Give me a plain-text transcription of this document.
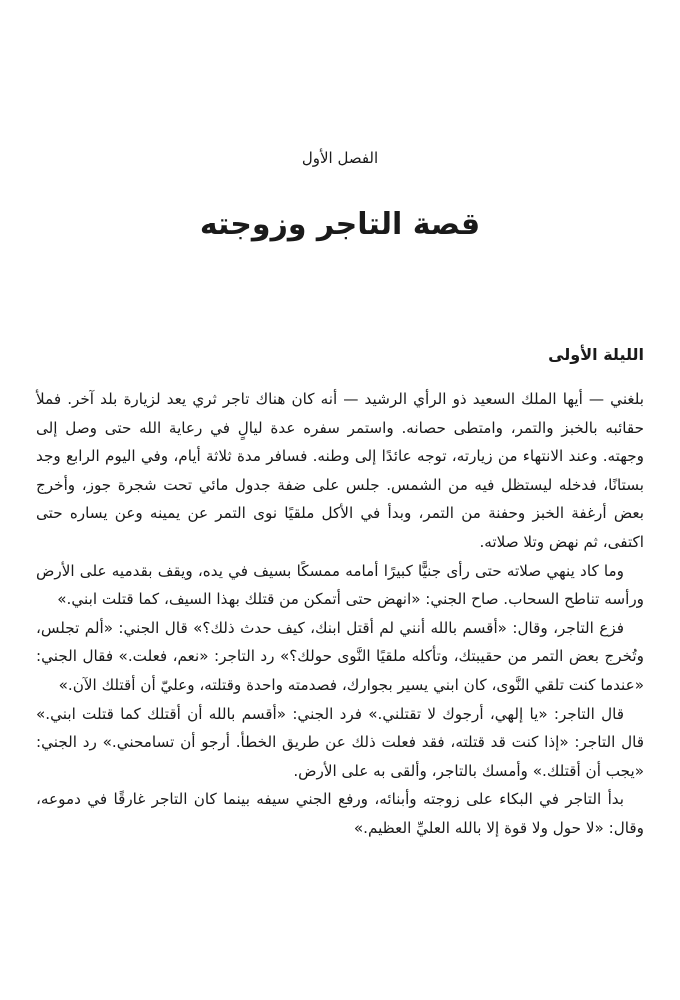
الفصل الأول
قصة التاجر وزوجته
الليلة الأولى

بلغني — أيها الملك السعيد ذو الرأي الرشيد — أنه كان هناك تاجر ثري يعد لزيارة بلد آخر. فملأ حقائبه بالخبز والتمر، وامتطى حصانه. واستمر سفره عدة ليالٍ في رعاية الله حتى وصل إلى وجهته. وعند الانتهاء من زيارته، توجه عائدًا إلى وطنه. فسافر مدة ثلاثة أيام، وفي اليوم الرابع وجد بستانًا، فدخله ليستظل فيه من الشمس. جلس على ضفة جدول مائي تحت شجرة جوز، وأخرج بعض أرغفة الخبز وحفنة من التمر، وبدأ في الأكل ملقيًا نوى التمر عن يمينه وعن يساره حتى اكتفى، ثم نهض وتلا صلاته.

وما كاد ينهي صلاته حتى رأى جنيًّا كبيرًا أمامه ممسكًا بسيف في يده، ويقف بقدميه على الأرض ورأسه تناطح السحاب. صاح الجني: «انهض حتى أتمكن من قتلك بهذا السيف، كما قتلت ابني.»

فزع التاجر، وقال: «أقسم بالله أنني لم أقتل ابنك، كيف حدث ذلك؟» قال الجني: «ألم تجلس، وتُخرج بعض التمر من حقيبتك، وتأكله ملقيًا النَّوى حولك؟» رد التاجر: «نعم، فعلت.» فقال الجني: «عندما كنت تلقي النَّوى، كان ابني يسير بجوارك، فصدمته واحدة وقتلته، وعليّ أن أقتلك الآن.»

قال التاجر: «يا إلهي، أرجوك لا تقتلني.» فرد الجني: «أقسم بالله أن أقتلك كما قتلت ابني.» قال التاجر: «إذا كنت قد قتلته، فقد فعلت ذلك عن طريق الخطأ. أرجو أن تسامحني.» رد الجني: «يجب أن أقتلك.» وأمسك بالتاجر، وألقى به على الأرض.

بدأ التاجر في البكاء على زوجته وأبنائه، ورفع الجني سيفه بينما كان التاجر غارقًا في دموعه، وقال: «لا حول ولا قوة إلا بالله العليِّ العظيم.»
